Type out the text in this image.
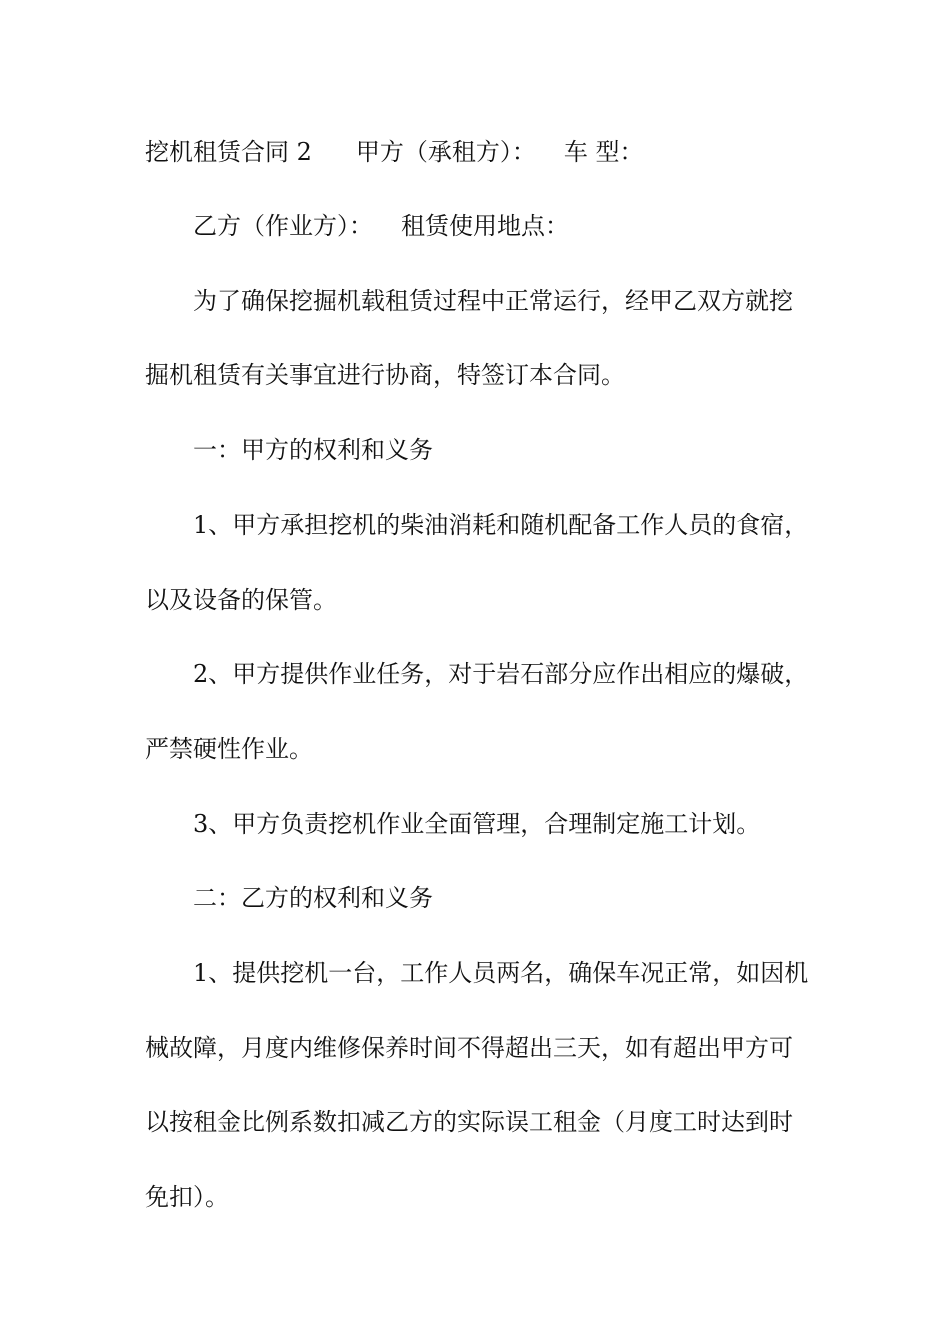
挖机租赁合同 2 甲方（承租方）： 车 型：
乙方（作业方）： 租赁使用地点：
为了确保挖掘机载租赁过程中正常运行，经甲乙双方就挖
掘机租赁有关事宜进行协商，特签订本合同。
一：甲方的权利和义务
1、甲方承担挖机的柴油消耗和随机配备工作人员的食宿，
以及设备的保管。
2、甲方提供作业任务，对于岩石部分应作出相应的爆破，
严禁硬性作业。
3、甲方负责挖机作业全面管理，合理制定施工计划。
二：乙方的权利和义务
1、提供挖机一台，工作人员两名，确保车况正常，如因机
械故障，月度内维修保养时间不得超出三天，如有超出甲方可
以按租金比例系数扣减乙方的实际误工租金（月度工时达到时
免扣）。
